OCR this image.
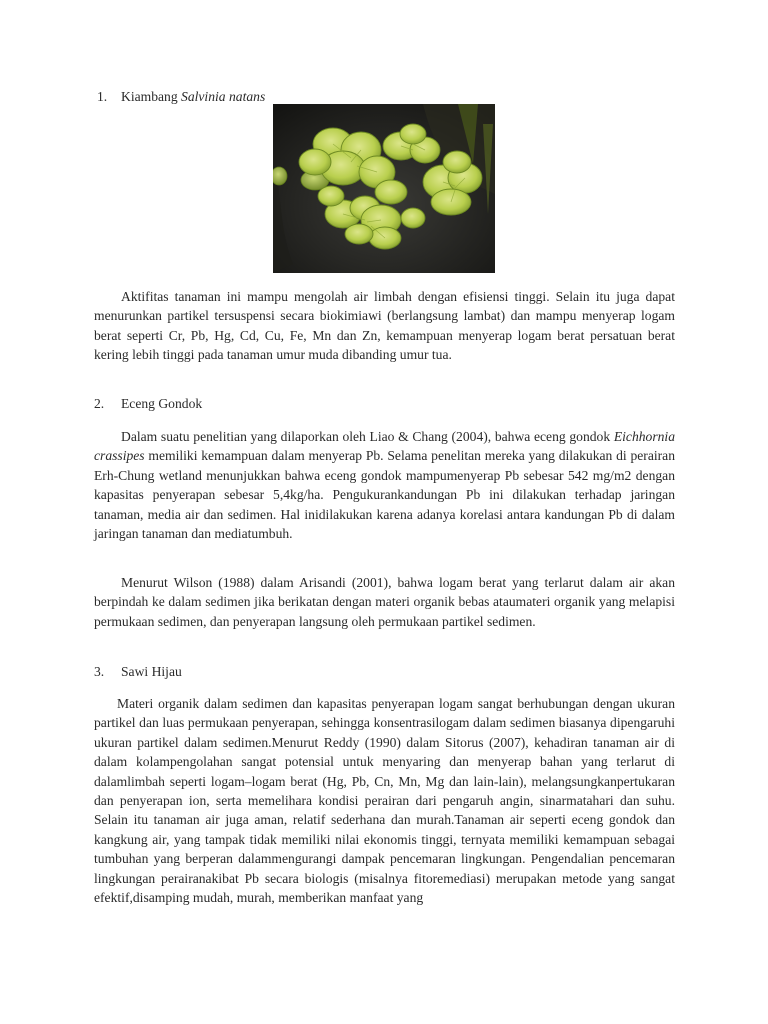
1. Kiambang Salvinia natans

Aktifitas tanaman ini mampu mengolah air limbah dengan efisiensi tinggi. Selain itu juga dapat menurunkan partikel tersuspensi secara biokimiawi (berlangsung lambat) dan mampu menyerap logam berat seperti Cr, Pb, Hg, Cd, Cu, Fe, Mn dan Zn, kemampuan menyerap logam berat persatuan berat kering lebih tinggi pada tanaman umur muda dibanding umur tua.

2. Eceng Gondok

Dalam suatu penelitian yang dilaporkan oleh Liao & Chang (2004), bahwa eceng gondok Eichhornia crassipes memiliki kemampuan dalam menyerap Pb. Selama penelitan mereka yang dilakukan di perairan Erh-Chung wetland menunjukkan bahwa eceng gondok mampumenyerap Pb sebesar 542 mg/m2 dengan kapasitas penyerapan sebesar 5,4kg/ha. Pengukurankandungan Pb ini dilakukan terhadap jaringan tanaman, media air dan sedimen. Hal inidilakukan karena adanya korelasi antara kandungan Pb di dalam jaringan tanaman dan mediatumbuh.

Menurut Wilson (1988) dalam Arisandi (2001), bahwa logam berat yang terlarut dalam air akan berpindah ke dalam sedimen jika berikatan dengan materi organik bebas ataumateri organik yang melapisi permukaan sedimen, dan penyerapan langsung oleh permukaan partikel sedimen.

3. Sawi Hijau

Materi organik dalam sedimen dan kapasitas penyerapan logam sangat berhubungan dengan ukuran partikel dan luas permukaan penyerapan, sehingga konsentrasilogam dalam sedimen biasanya dipengaruhi ukuran partikel dalam sedimen.Menurut Reddy (1990) dalam Sitorus (2007), kehadiran tanaman air di dalam kolampengolahan sangat potensial untuk menyaring dan menyerap bahan yang terlarut di dalamlimbah seperti logam–logam berat (Hg, Pb, Cn, Mn, Mg dan lain-lain), melangsungkanpertukaran dan penyerapan ion, serta memelihara kondisi perairan dari pengaruh angin, sinarmatahari dan suhu. Selain itu tanaman air juga aman, relatif sederhana dan murah.Tanaman air seperti eceng gondok dan kangkung air, yang tampak tidak memiliki nilai ekonomis tinggi, ternyata memiliki kemampuan sebagai tumbuhan yang berperan dalammengurangi dampak pencemaran lingkungan. Pengendalian pencemaran lingkungan perairanakibat Pb secara biologis (misalnya fitoremediasi) merupakan metode yang sangat efektif,disamping mudah, murah, memberikan manfaat yang
